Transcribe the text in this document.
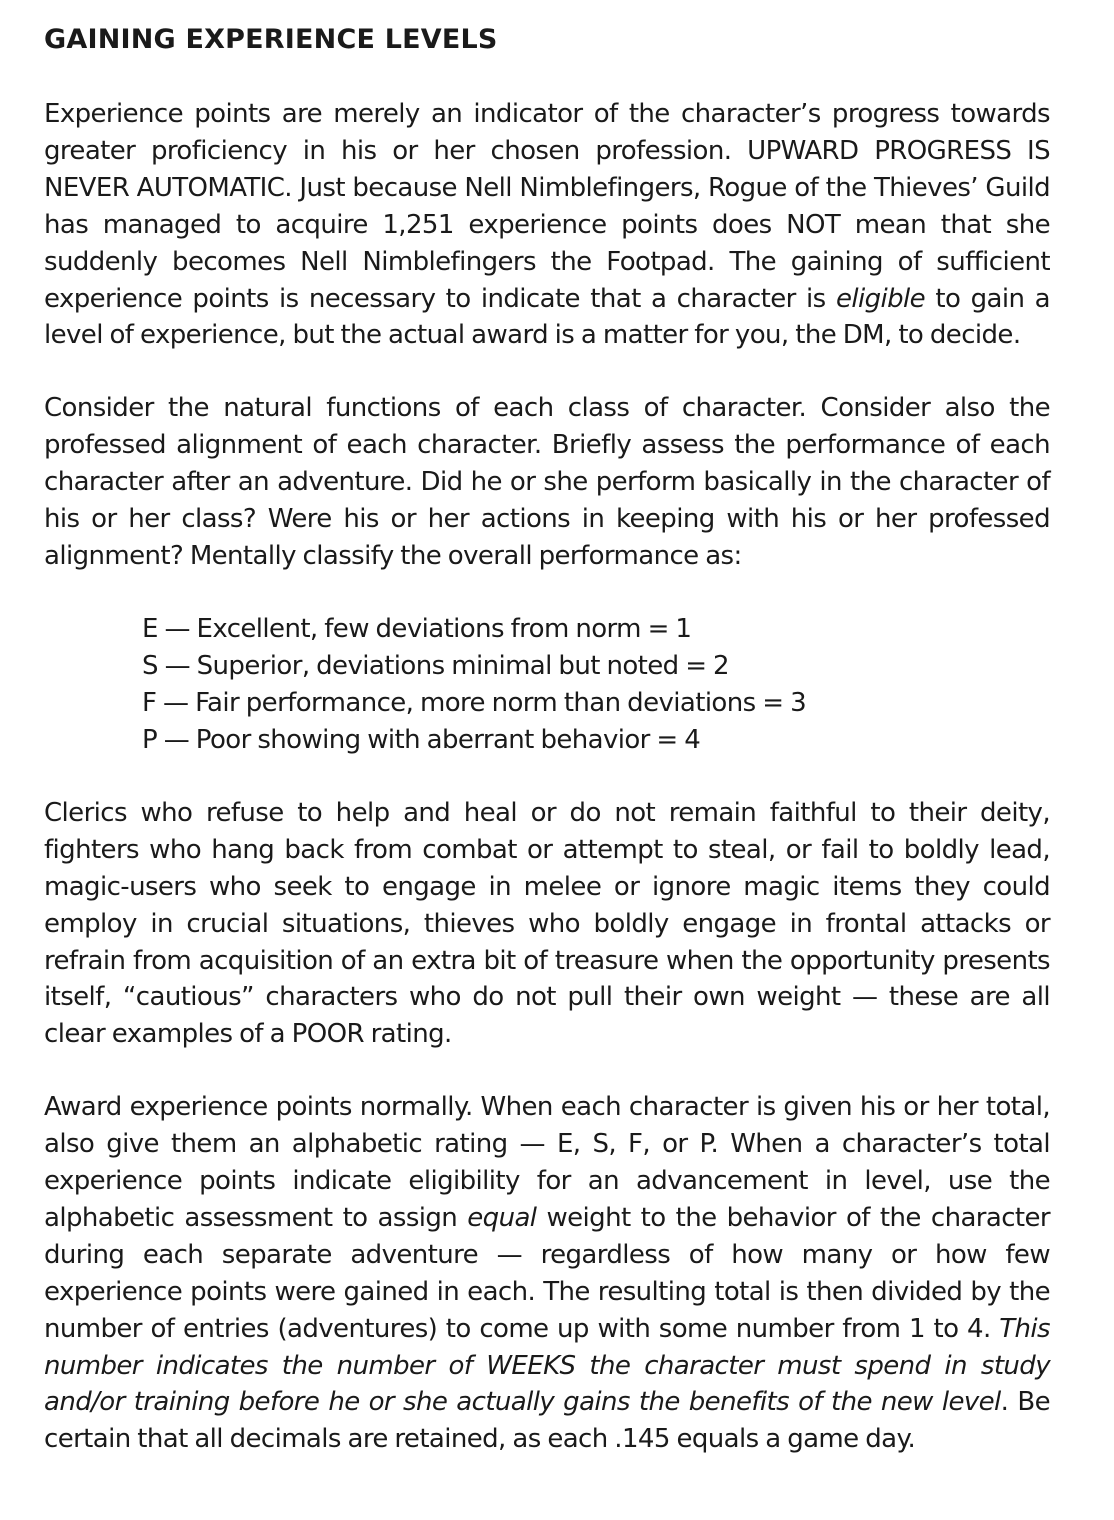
GAINING EXPERIENCE LEVELS

Experience points are merely an indicator of the character’s progress towards greater proficiency in his or her chosen profession. UPWARD PROGRESS IS NEVER AUTOMATIC. Just because Nell Nimblefingers, Rogue of the Thieves’ Guild has managed to acquire 1,251 experience points does NOT mean that she suddenly becomes Nell Nimblefingers the Footpad. The gaining of sufficient experience points is necessary to indicate that a character is eligible to gain a level of experience, but the actual award is a matter for you, the DM, to decide.

Consider the natural functions of each class of character. Consider also the professed alignment of each character. Briefly assess the performance of each character after an adventure. Did he or she perform basically in the character of his or her class? Were his or her actions in keeping with his or her professed alignment? Mentally classify the overall performance as:

E — Excellent, few deviations from norm = 1
S — Superior, deviations minimal but noted = 2
F — Fair performance, more norm than deviations = 3
P — Poor showing with aberrant behavior = 4

Clerics who refuse to help and heal or do not remain faithful to their deity, fighters who hang back from combat or attempt to steal, or fail to boldly lead, magic-users who seek to engage in melee or ignore magic items they could employ in crucial situations, thieves who boldly engage in frontal attacks or refrain from acquisition of an extra bit of treasure when the opportunity presents itself, “cautious” characters who do not pull their own weight — these are all clear examples of a POOR rating.

Award experience points normally. When each character is given his or her total, also give them an alphabetic rating — E, S, F, or P. When a character’s total experience points indicate eligibility for an advancement in level, use the alphabetic assessment to assign equal weight to the behavior of the character during each separate adventure — regardless of how many or how few experience points were gained in each. The resulting total is then divided by the number of entries (adventures) to come up with some number from 1 to 4. This number indicates the number of WEEKS the character must spend in study and/or training before he or she actually gains the benefits of the new level. Be certain that all decimals are retained, as each .145 equals a game day.
